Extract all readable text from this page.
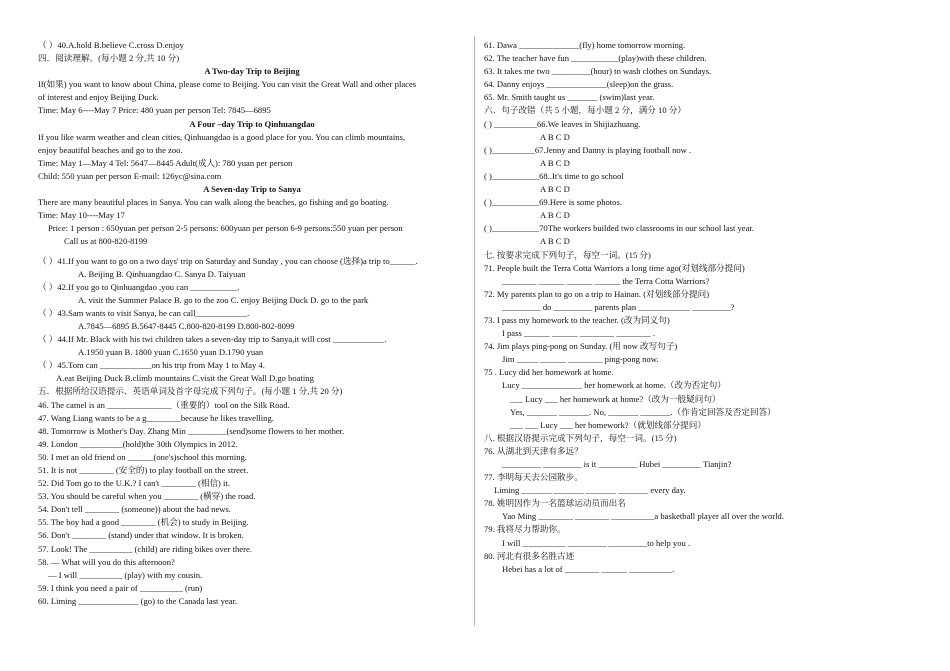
（ ）40.A.hold B.believe C.cross D.enjoy
四．阅读理解。(每小题 2 分,共 10 分)
A Two-day Trip to Beijing
If(如果) you want to know about China, please come to Beijing. You can visit the Great Wall and other places
of interest and enjoy Beijing Duck.
Time: May 6----May 7 Price: 480 yuan per person Tel: 7845—6895
A Four –day Trip to Qinhuangdao
If you like warm weather and clean cities, Qinhuangdao is a good place for you. You can climb mountains,
enjoy beautiful beaches and go to the zoo.
Time: May 1—May 4 Tel: 5647—8445 Adult(成人): 780 yuan per person
Child: 550 yuan per person E-mail: 126yc@sina.com
A Seven-day Trip to Sanya
There are many beautiful places in Sanya. You can walk along the beaches, go fishing and go boating.
Time: May 10----May 17
Price: 1 person : 650yuan per person 2-5 persons: 600yuan per person 6-9 persons:550 yuan per person
Call us at 800-820-8199
（ ）41.If you want to go on a two days' trip on Saturday and Sunday , you can choose (选择)a trip to______.
A. Beijing B. Qinhuangdao C. Sanya D. Taiyuan
（ ）42.If you go to Qinhuangdao ,you can ___________.
A. visit the Summer Palace B. go to the zoo C. enjoy Beijing Duck D. go to the park
（ ）43.Sam wants to visit Sanya, he can call____________.
A.7845—6895 B.5647-8445 C.800-820-8199 D.800-802-8099
（ ）44.If Mr. Black with his twi children takes a seven-day trip to Sanya,it will cost ____________.
A.1950 yuan B. 1800 yuan C.1650 yuan D.1790 yuan
（ ）45.Tom can ____________on his trip from May 1 to May 4.
A.eat Beijing Duck B.climb mountains C.visit the Great Wall D.go boating
五．根据所给汉语提示、英语单词及首字母完成下列句子。(每小题 1 分,共 20 分)
46. The camel is an _______________（重要的）tool on the Silk Road.
47. Wang Liang wants to be a g________because he likes travelling.
48. Tomorrow is Mother's Day. Zhang Min _________(send)some flowers to her mother.
49. London __________(hold)the 30th Olympics in 2012.
50. I met an old friend on ______(one's)school this morning.
51. It is not ________ (安全的) to play football on the street.
52. Did Tom go to the U.K.? I can't ________ (相信) it.
53. You should be careful when you ________ (横穿) the road.
54. Don't tell ________ (someone)) about the bad news.
55. The boy had a good ________ (机会) to study in Beijing.
56. Don't ________ (stand) under that window. It is broken.
57. Look! The __________ (child) are riding bikes over there.
58. — What will you do this afternoon?
— I will __________ (play) with my cousin.
59. I think you need a pair of __________ (run)
60. Liming ______________ (go) to the Canada last year.
61. Dawa ______________(fly) home tomorrow morning.
62. The teacher have fun ___________(play)with these children.
63. It takes me two _________(hour) to wash clothes on Sundays.
64. Danny enjoys ______________(sleep)on the grass.
65. Mr. Smith taught us _______ (swim)last year.
六、句子改错（共 5 小题，每小题 2 分，满分 10 分）
( ) __________66.We leaves in Shijiazhuang.
A B C D
( )__________67.Jenny and Danny is playing football now .
A B C D
( )___________68..It's time to go school
A B C D
( )___________69.Here is some photos.
A B C D
( )___________70The workers builded two classrooms in our school last year.
A B C D
七. 按要求完成下列句子，每空一词。(15 分)
71. People built the Terra Cotta Warriors a long time ago(对划线部分提问)
________ ______ ______ ______ the Terra Cotta Warriors?
72. My parents plan to go on a trip to Hainan. (对划线部分提问)
_________ do _________ parents plan ____________ _________?
73. I pass my homework to the teacher. (改为同义句)
I pass ______ ______ ________ ________ .
74. Jim plays ping-pong on Sunday. (用 now 改写句子)
Jim _____ ______ ________ ping-pong now.
75 . Lucy did her homework at home.
Lucy ______________ her homework at home.（改为否定句）
___ Lucy ___ her homework at home?（改为一般疑问句）
Yes, _______ _______. No, _______ _______.（作肯定回答及否定回答）
___ ___ Lucy ___ her homework?（就划线部分提问）
八. 根据汉语提示完成下列句子，每空一词。(15 分)
76. 从湖北到天津有多远？
_________ _________ is it _________ Hubei _________ Tianjin?
77. 李明每天去公园散步。
Liming _______ _______ _______ _______ every day.
78. 姚明因作为一名篮球运动员而出名
Yao Ming ________ ________ __________a basketball player all over the world.
79. 我将尽力帮助你。
I will __________ _________ _________to help you .
80. 河北有很多名胜古迹
Hebei has a lot of ________ ______ __________.
